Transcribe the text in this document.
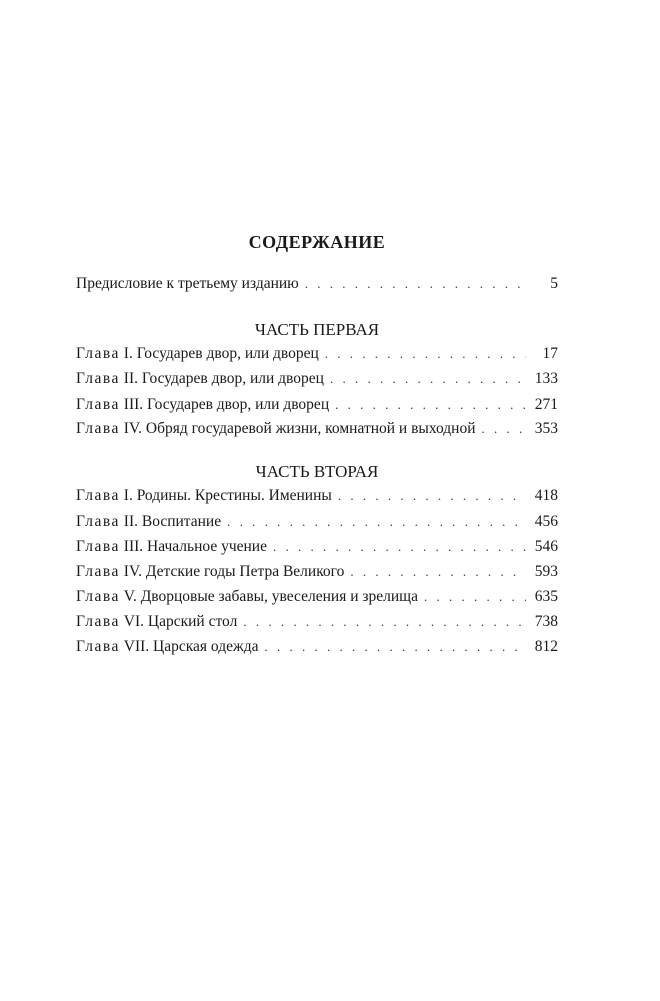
СОДЕРЖАНИЕ
Предисловие к третьему изданию . . .	5
ЧАСТЬ ПЕРВАЯ
Глава I. Государев двор, или дворец . . .	17
Глава II. Государев двор, или дворец . . .	133
Глава III. Государев двор, или дворец . . .	271
Глава IV. Обряд государевой жизни, комнатной и выходной . . .	353
ЧАСТЬ ВТОРАЯ
Глава I. Родины. Крестины. Именины . . .	418
Глава II. Воспитание . . .	456
Глава III. Начальное учение . . .	546
Глава IV. Детские годы Петра Великого . . .	593
Глава V. Дворцовые забавы, увеселения и зрелища . . .	635
Глава VI. Царский стол . . .	738
Глава VII. Царская одежда . . .	812
